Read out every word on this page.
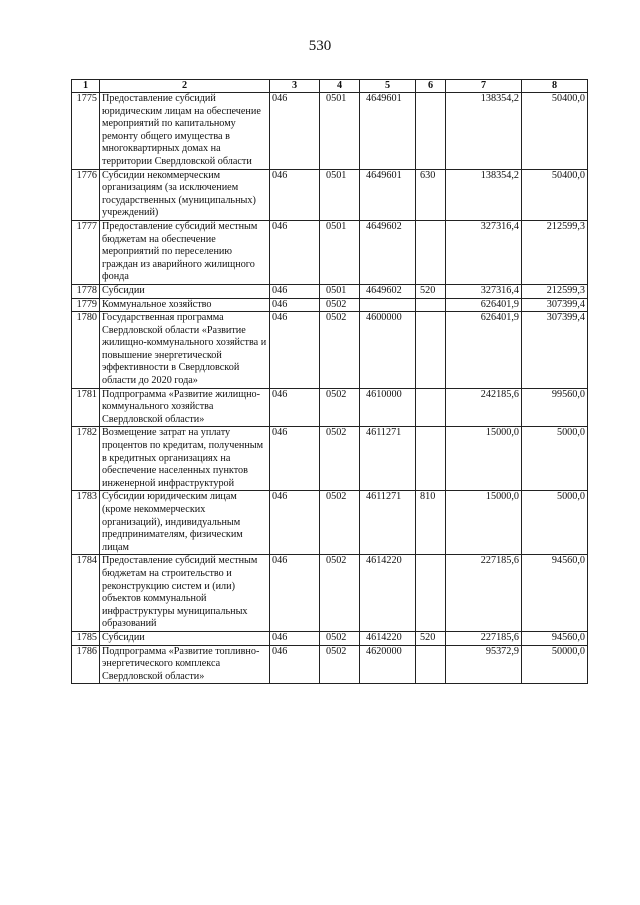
530
1	2	3	4	5	6	7	8
1775	Предоставление субсидий юридическим лицам на обеспечение мероприятий по капитальному ремонту общего имущества в многоквартирных домах на территории Свердловской области	046	0501	4649601		138354,2	50400,0
1776	Субсидии некоммерческим организациям (за исключением государственных (муниципальных) учреждений)	046	0501	4649601	630	138354,2	50400,0
1777	Предоставление субсидий местным бюджетам на обеспечение мероприятий по переселению граждан из аварийного жилищного фонда	046	0501	4649602		327316,4	212599,3
1778	Субсидии	046	0501	4649602	520	327316,4	212599,3
1779	Коммунальное хозяйство	046	0502			626401,9	307399,4
1780	Государственная программа Свердловской области «Развитие жилищно-коммунального хозяйства и повышение энергетической эффективности в Свердловской области до 2020 года»	046	0502	4600000		626401,9	307399,4
1781	Подпрограмма «Развитие жилищно-коммунального хозяйства Свердловской области»	046	0502	4610000		242185,6	99560,0
1782	Возмещение затрат на уплату процентов по кредитам, полученным в кредитных организациях на обеспечение населенных пунктов инженерной инфраструктурой	046	0502	4611271		15000,0	5000,0
1783	Субсидии юридическим лицам (кроме некоммерческих организаций), индивидуальным предпринимателям, физическим лицам	046	0502	4611271	810	15000,0	5000,0
1784	Предоставление субсидий местным бюджетам на строительство и реконструкцию систем и (или) объектов коммунальной инфраструктуры муниципальных образований	046	0502	4614220		227185,6	94560,0
1785	Субсидии	046	0502	4614220	520	227185,6	94560,0
1786	Подпрограмма «Развитие топливно-энергетического комплекса Свердловской области»	046	0502	4620000		95372,9	50000,0
